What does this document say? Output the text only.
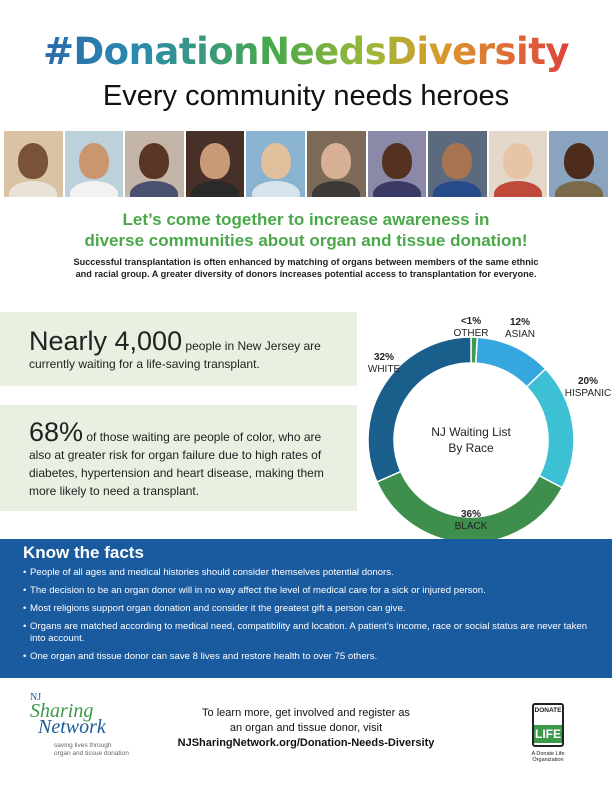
#DonationNeedsDiversity
Every community needs heroes
Let’s come together to increase awareness in
diverse communities about organ and tissue donation!
Successful transplantation is often enhanced by matching of organs between members of the same ethnic
and racial group. A greater diversity of donors increases potential access to transplantation for everyone.
Nearly 4,000 people in New Jersey are
currently waiting for a life-saving transplant.
68% of those waiting are people of color, who are
also at greater risk for organ failure due to high rates of
diabetes, hypertension and heart disease, making them
more likely to need a transplant.
NJ Waiting List
By Race
<1%
OTHER
12%
ASIAN
20%
HISPANIC
36%
BLACK
32%
WHITE
Know the facts
• People of all ages and medical histories should consider themselves potential donors.
• The decision to be an organ donor will in no way affect the level of medical care for a sick or injured person.
• Most religions support organ donation and consider it the greatest gift a person can give.
• Organs are matched according to medical need, compatibility and location. A patient’s income, race or social status are never taken into account.
• One organ and tissue donor can save 8 lives and restore health to over 75 others.
NJ
Sharing
Network
saving lives through
organ and tissue donation
To learn more, get involved and register as
an organ and tissue donor, visit
NJSharingNetwork.org/Donation-Needs-Diversity
DONATE
LIFE
A Donate Life Organization
